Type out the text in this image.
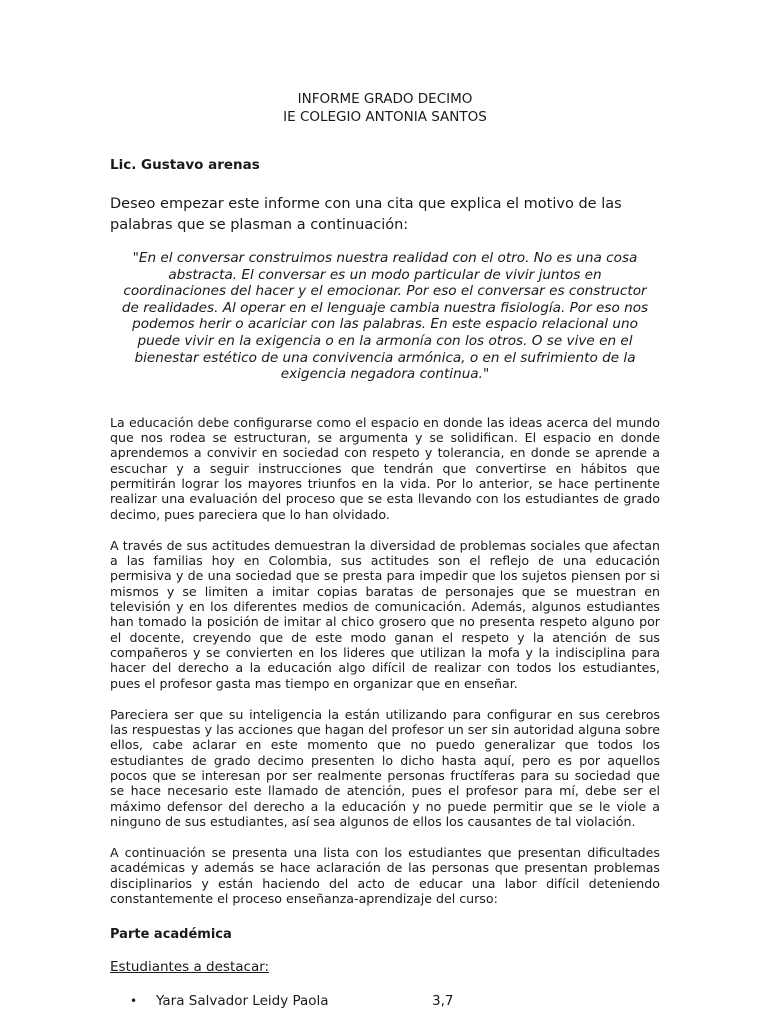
INFORME GRADO DECIMO

IE COLEGIO ANTONIA SANTOS

Lic. Gustavo arenas

Deseo empezar este informe con una cita que explica el motivo de las palabras que se plasman a continuación:

"En el conversar construimos nuestra realidad con el otro. No es una cosa abstracta. El conversar es un modo particular de vivir juntos en coordinaciones del hacer y el emocionar. Por eso el conversar es constructor de realidades. Al operar en el lenguaje cambia nuestra fisiología. Por eso nos podemos herir o acariciar con las palabras. En este espacio relacional uno puede vivir en la exigencia o en la armonía con los otros. O se vive en el bienestar estético de una convivencia armónica, o en el sufrimiento de la exigencia negadora continua."

La educación debe configurarse como el espacio en donde las ideas acerca del mundo que nos rodea se estructuran, se argumenta y se solidifican. El espacio en donde aprendemos a convivir en sociedad con respeto y tolerancia, en donde se aprende a escuchar y a seguir instrucciones que tendrán que convertirse en hábitos que permitirán lograr los mayores triunfos en la vida. Por lo anterior, se hace pertinente realizar una evaluación del proceso que se esta llevando con los estudiantes de grado decimo, pues pareciera que lo han olvidado.

A través de sus actitudes demuestran la diversidad de problemas sociales que afectan a las familias hoy en Colombia, sus actitudes son el reflejo de una educación permisiva y de una sociedad que se presta para impedir que los sujetos piensen por si mismos y se limiten a imitar copias baratas de personajes que se muestran en televisión y en los diferentes medios de comunicación. Además, algunos estudiantes han tomado la posición de imitar al chico grosero que no presenta respeto alguno por el docente, creyendo que de este modo ganan el respeto y la atención de sus compañeros y se convierten en los lideres que utilizan la mofa y la indisciplina para hacer del derecho a la educación algo difícil de realizar con todos los estudiantes, pues el profesor gasta mas tiempo en organizar que en enseñar.

Pareciera ser que su inteligencia la están utilizando para configurar en sus cerebros las respuestas y las acciones que hagan del profesor un ser sin autoridad alguna sobre ellos, cabe aclarar en este momento que no puedo generalizar que todos los estudiantes de grado decimo presenten lo dicho hasta aquí, pero es por aquellos pocos que se interesan por ser realmente personas fructíferas para su sociedad que se hace necesario este llamado de atención, pues el profesor para mí, debe ser el máximo defensor del derecho a la educación y no puede permitir que se le viole a ninguno de sus estudiantes, así sea algunos de ellos los causantes de tal violación.

A continuación se presenta una lista con los estudiantes que presentan dificultades académicas y además se hace aclaración de las personas que presentan problemas disciplinarios y están haciendo del acto de educar una labor difícil deteniendo constantemente el proceso enseñanza-aprendizaje del curso:

Parte académica

Estudiantes a destacar:

• Yara Salvador Leidy Paola	3,7
